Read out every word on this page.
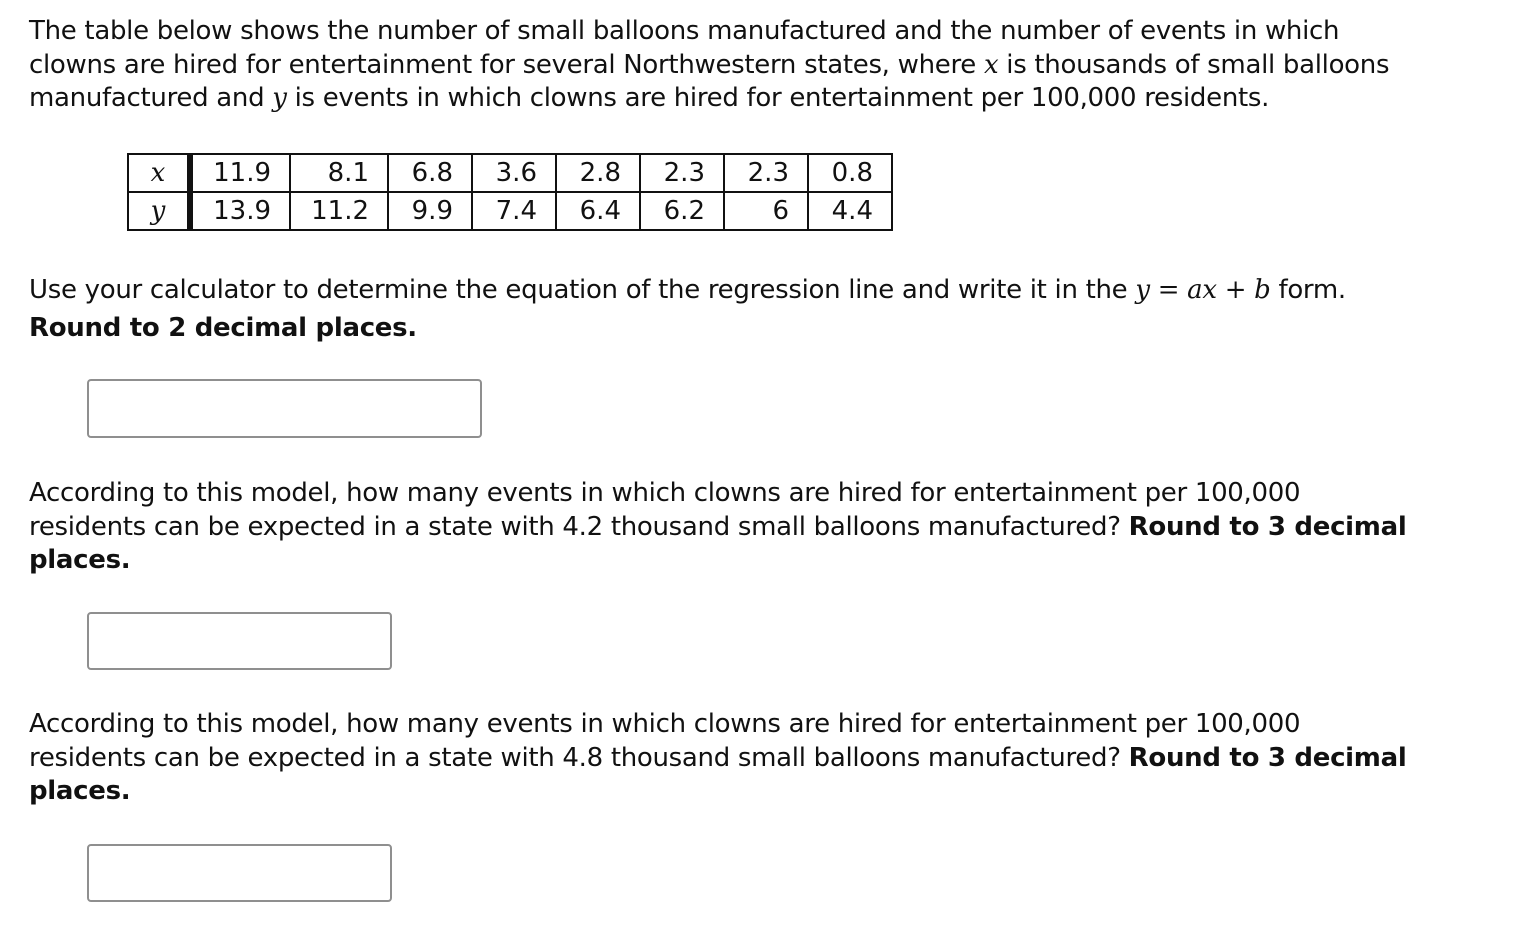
The table below shows the number of small balloons manufactured and the number of events in which
clowns are hired for entertainment for several Northwestern states, where x is thousands of small balloons
manufactured and y is events in which clowns are hired for entertainment per 100,000 residents.
x	11.9	8.1	6.8	3.6	2.8	2.3	2.3	0.8
y	13.9	11.2	9.9	7.4	6.4	6.2	6	4.4
Use your calculator to determine the equation of the regression line and write it in the y = ax + b form.
Round to 2 decimal places.
According to this model, how many events in which clowns are hired for entertainment per 100,000
residents can be expected in a state with 4.2 thousand small balloons manufactured? Round to 3 decimal
places.
According to this model, how many events in which clowns are hired for entertainment per 100,000
residents can be expected in a state with 4.8 thousand small balloons manufactured? Round to 3 decimal
places.
